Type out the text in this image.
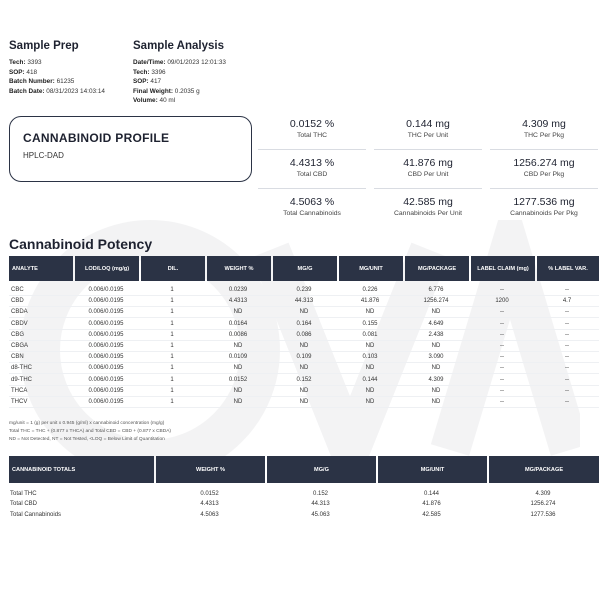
Sample Prep
Tech: 3393
SOP: 418
Batch Number: 61235
Batch Date: 08/31/2023 14:03:14
Sample Analysis
Date/Time: 09/01/2023 12:01:33
Tech: 3396
SOP: 417
Final Weight: 0.2035 g
Volume: 40 ml
CANNABINOID PROFILE
HPLC-DAD
0.0152 %
Total THC
0.144 mg
THC Per Unit
4.309 mg
THC Per Pkg
4.4313 %
Total CBD
41.876 mg
CBD Per Unit
1256.274 mg
CBD Per Pkg
4.5063 %
Total Cannabinoids
42.585 mg
Cannabinoids Per Unit
1277.536 mg
Cannabinoids Per Pkg
Cannabinoid Potency
ANALYTE	LOD/LOQ (mg/g)	DIL.	WEIGHT %	MG/G	MG/UNIT	MG/PACKAGE	LABEL CLAIM (mg)	% LABEL VAR.
CBC	0.006/0.0195	1	0.0239	0.239	0.226	6.776	--	--
CBD	0.006/0.0195	1	4.4313	44.313	41.876	1256.274	1200	4.7
CBDA	0.006/0.0195	1	ND	ND	ND	ND	--	--
CBDV	0.006/0.0195	1	0.0164	0.164	0.155	4.649	--	--
CBG	0.006/0.0195	1	0.0086	0.086	0.081	2.438	--	--
CBGA	0.006/0.0195	1	ND	ND	ND	ND	--	--
CBN	0.006/0.0195	1	0.0109	0.109	0.103	3.090	--	--
d8-THC	0.006/0.0195	1	ND	ND	ND	ND	--	--
d9-THC	0.006/0.0195	1	0.0152	0.152	0.144	4.309	--	--
THCA	0.006/0.0195	1	ND	ND	ND	ND	--	--
THCV	0.006/0.0195	1	ND	ND	ND	ND	--	--
mg/unit = 1 (g) per unit x 0.945 (g/ml) x cannabinoid concentration (mg/g)
Total THC = THC + (0.877 x THCA) and Total CBD = CBD + (0.877 x CBDA)
ND = Not Detected, NT = Not Tested, <LOQ = Below Limit of Quantitation
CANNABINOID TOTALS	WEIGHT %	MG/G	MG/UNIT	MG/PACKAGE
Total THC	0.0152	0.152	0.144	4.309
Total CBD	4.4313	44.313	41.876	1256.274
Total Cannabinoids	4.5063	45.063	42.585	1277.536
